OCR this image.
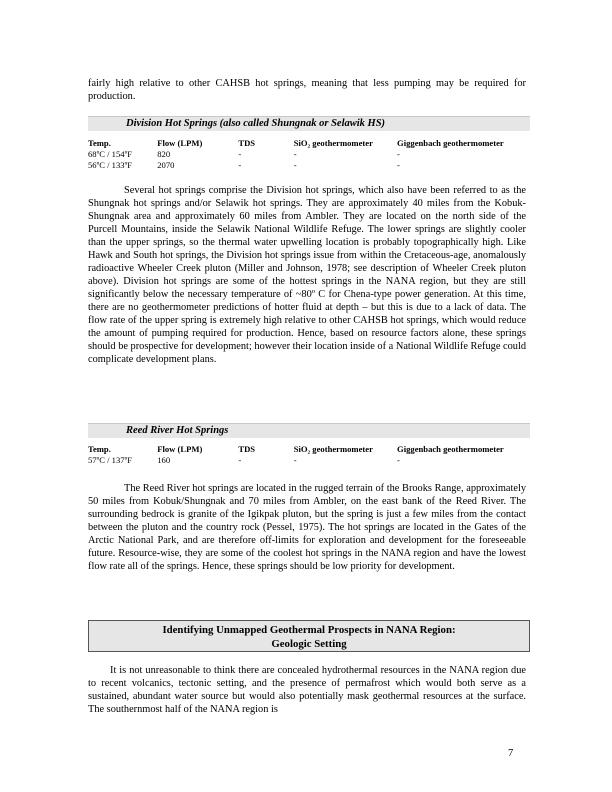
fairly high relative to other CAHSB hot springs, meaning that less pumping may be required for production.

Division Hot Springs (also called Shungnak or Selawik HS)
Temp.	Flow (LPM)	TDS	SiO₂ geothermometer	Giggenbach geothermometer
68ºC / 154ºF	820	-	-	-
56ºC / 133ºF	2070	-	-	-

Several hot springs comprise the Division hot springs, which also have been referred to as the Shungnak hot springs and/or Selawik hot springs. They are approximately 40 miles from the Kobuk-Shungnak area and approximately 60 miles from Ambler. They are located on the north side of the Purcell Mountains, inside the Selawik National Wildlife Refuge. The lower springs are slightly cooler than the upper springs, so the thermal water upwelling location is probably topographically high. Like Hawk and South hot springs, the Division hot springs issue from within the Cretaceous-age, anomalously radioactive Wheeler Creek pluton (Miller and Johnson, 1978; see description of Wheeler Creek pluton above). Division hot springs are some of the hottest springs in the NANA region, but they are still significantly below the necessary temperature of ~80º C for Chena-type power generation. At this time, there are no geothermometer predictions of hotter fluid at depth – but this is due to a lack of data. The flow rate of the upper spring is extremely high relative to other CAHSB hot springs, which would reduce the amount of pumping required for production. Hence, based on resource factors alone, these springs should be prospective for development; however their location inside of a National Wildlife Refuge could complicate development plans.

Reed River Hot Springs
Temp.	Flow (LPM)	TDS	SiO₂ geothermometer	Giggenbach geothermometer
57ºC / 137ºF	160	-	-	-

The Reed River hot springs are located in the rugged terrain of the Brooks Range, approximately 50 miles from Kobuk/Shungnak and 70 miles from Ambler, on the east bank of the Reed River. The surrounding bedrock is granite of the Igikpak pluton, but the spring is just a few miles from the contact between the pluton and the country rock (Pessel, 1975). The hot springs are located in the Gates of the Arctic National Park, and are therefore off-limits for exploration and development for the foreseeable future. Resource-wise, they are some of the coolest hot springs in the NANA region and have the lowest flow rate all of the springs. Hence, these springs should be low priority for development.

Identifying Unmapped Geothermal Prospects in NANA Region:
Geologic Setting

It is not unreasonable to think there are concealed hydrothermal resources in the NANA region due to recent volcanics, tectonic setting, and the presence of permafrost which would both serve as a sustained, abundant water source but would also potentially mask geothermal resources at the surface. The southernmost half of the NANA region is

7
